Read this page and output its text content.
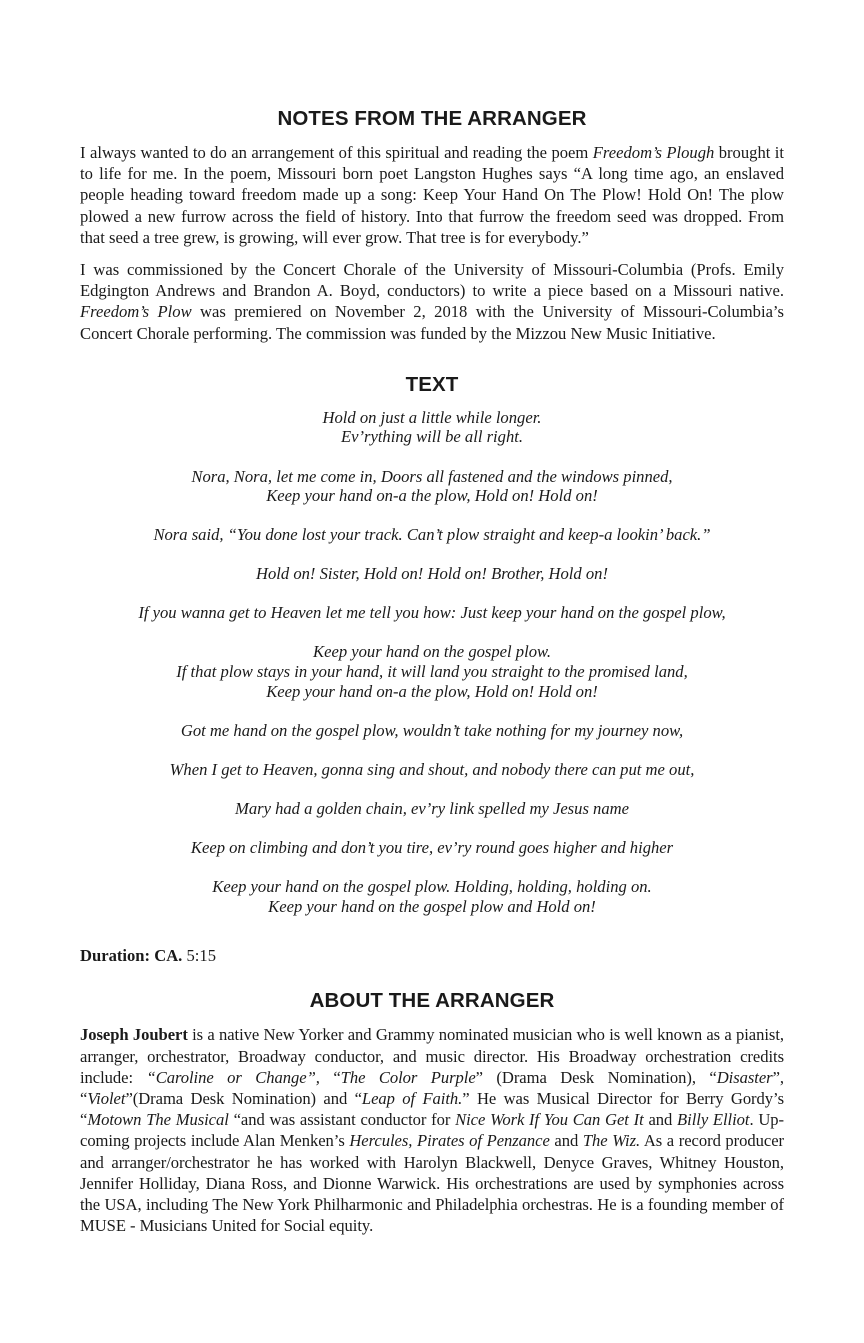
NOTES FROM THE ARRANGER

I always wanted to do an arrangement of this spiritual and reading the poem Freedom’s Plough brought it to life for me. In the poem, Missouri born poet Langston Hughes says “A long time ago, an enslaved people heading toward freedom made up a song: Keep Your Hand On The Plow! Hold On! The plow plowed a new furrow across the field of history. Into that furrow the freedom seed was dropped. From that seed a tree grew, is growing, will ever grow. That tree is for everybody.”

I was commissioned by the Concert Chorale of the University of Missouri-Columbia (Profs. Emily Edgington Andrews and Brandon A. Boyd, conductors) to write a piece based on a Missouri native. Freedom’s Plow was premiered on November 2, 2018 with the University of Missouri-Columbia’s Concert Chorale performing. The commission was funded by the Mizzou New Music Initiative.

TEXT

Hold on just a little while longer.
Ev’rything will be all right.

Nora, Nora, let me come in, Doors all fastened and the windows pinned,
Keep your hand on-a the plow, Hold on! Hold on!

Nora said, “You done lost your track. Can’t plow straight and keep-a lookin’ back.”

Hold on! Sister, Hold on! Hold on! Brother, Hold on!

If you wanna get to Heaven let me tell you how: Just keep your hand on the gospel plow,

Keep your hand on the gospel plow.
If that plow stays in your hand, it will land you straight to the promised land,
Keep your hand on-a the plow, Hold on! Hold on!

Got me hand on the gospel plow, wouldn’t take nothing for my journey now,

When I get to Heaven, gonna sing and shout, and nobody there can put me out,

Mary had a golden chain, ev’ry link spelled my Jesus name

Keep on climbing and don’t you tire, ev’ry round goes higher and higher

Keep your hand on the gospel plow. Holding, holding, holding on.
Keep your hand on the gospel plow and Hold on!

Duration: CA. 5:15

ABOUT THE ARRANGER

Joseph Joubert is a native New Yorker and Grammy nominated musician who is well known as a pianist, arranger, orchestrator, Broadway conductor, and music director. His Broadway orchestration credits include: “Caroline or Change”, “The Color Purple” (Drama Desk Nomination), “Disaster”, “Violet”(Drama Desk Nomination) and “Leap of Faith.” He was Musical Director for Berry Gordy’s “Motown The Musical “and was assistant conductor for Nice Work If You Can Get It and Billy Elliot. Up-coming projects include Alan Menken’s Hercules, Pirates of Penzance and The Wiz. As a record producer and arranger/orchestrator he has worked with Harolyn Blackwell, Denyce Graves, Whitney Houston, Jennifer Holliday, Diana Ross, and Dionne Warwick. His orchestrations are used by symphonies across the USA, including The New York Philharmonic and Philadelphia orchestras. He is a founding member of MUSE - Musicians United for Social equity.
